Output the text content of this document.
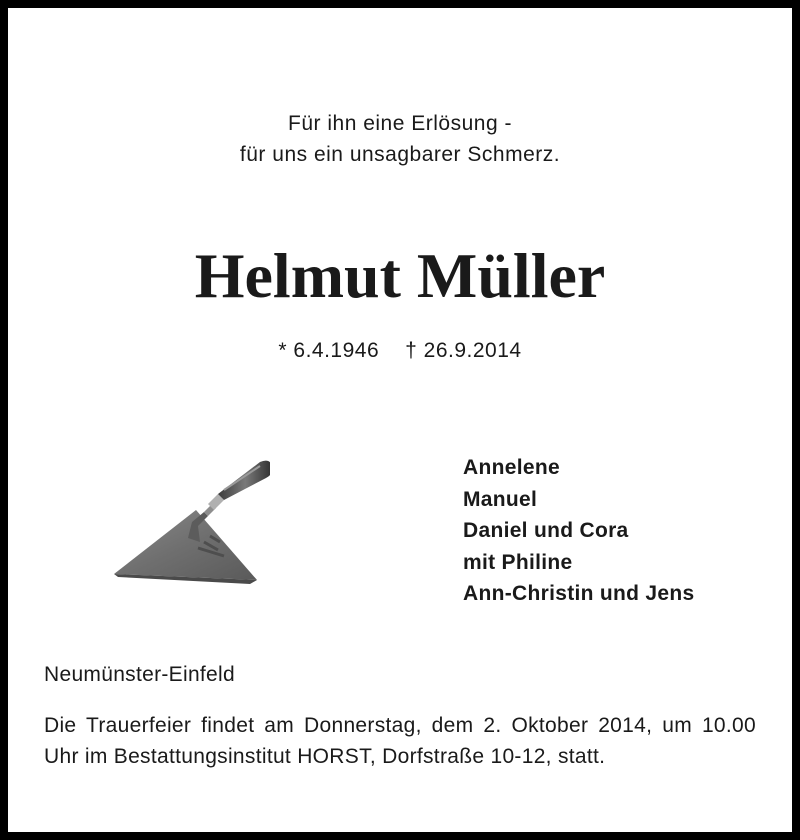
Für ihn eine Erlösung -
für uns ein unsagbarer Schmerz.
Helmut Müller
* 6.4.1946 † 26.9.2014
Annelene
Manuel
Daniel und Cora
mit Philine
Ann-Christin und Jens
Neumünster-Einfeld
Die Trauerfeier findet am Donnerstag, dem 2. Oktober 2014, um 10.00 Uhr im Bestattungsinstitut HORST, Dorfstraße 10-12, statt.
